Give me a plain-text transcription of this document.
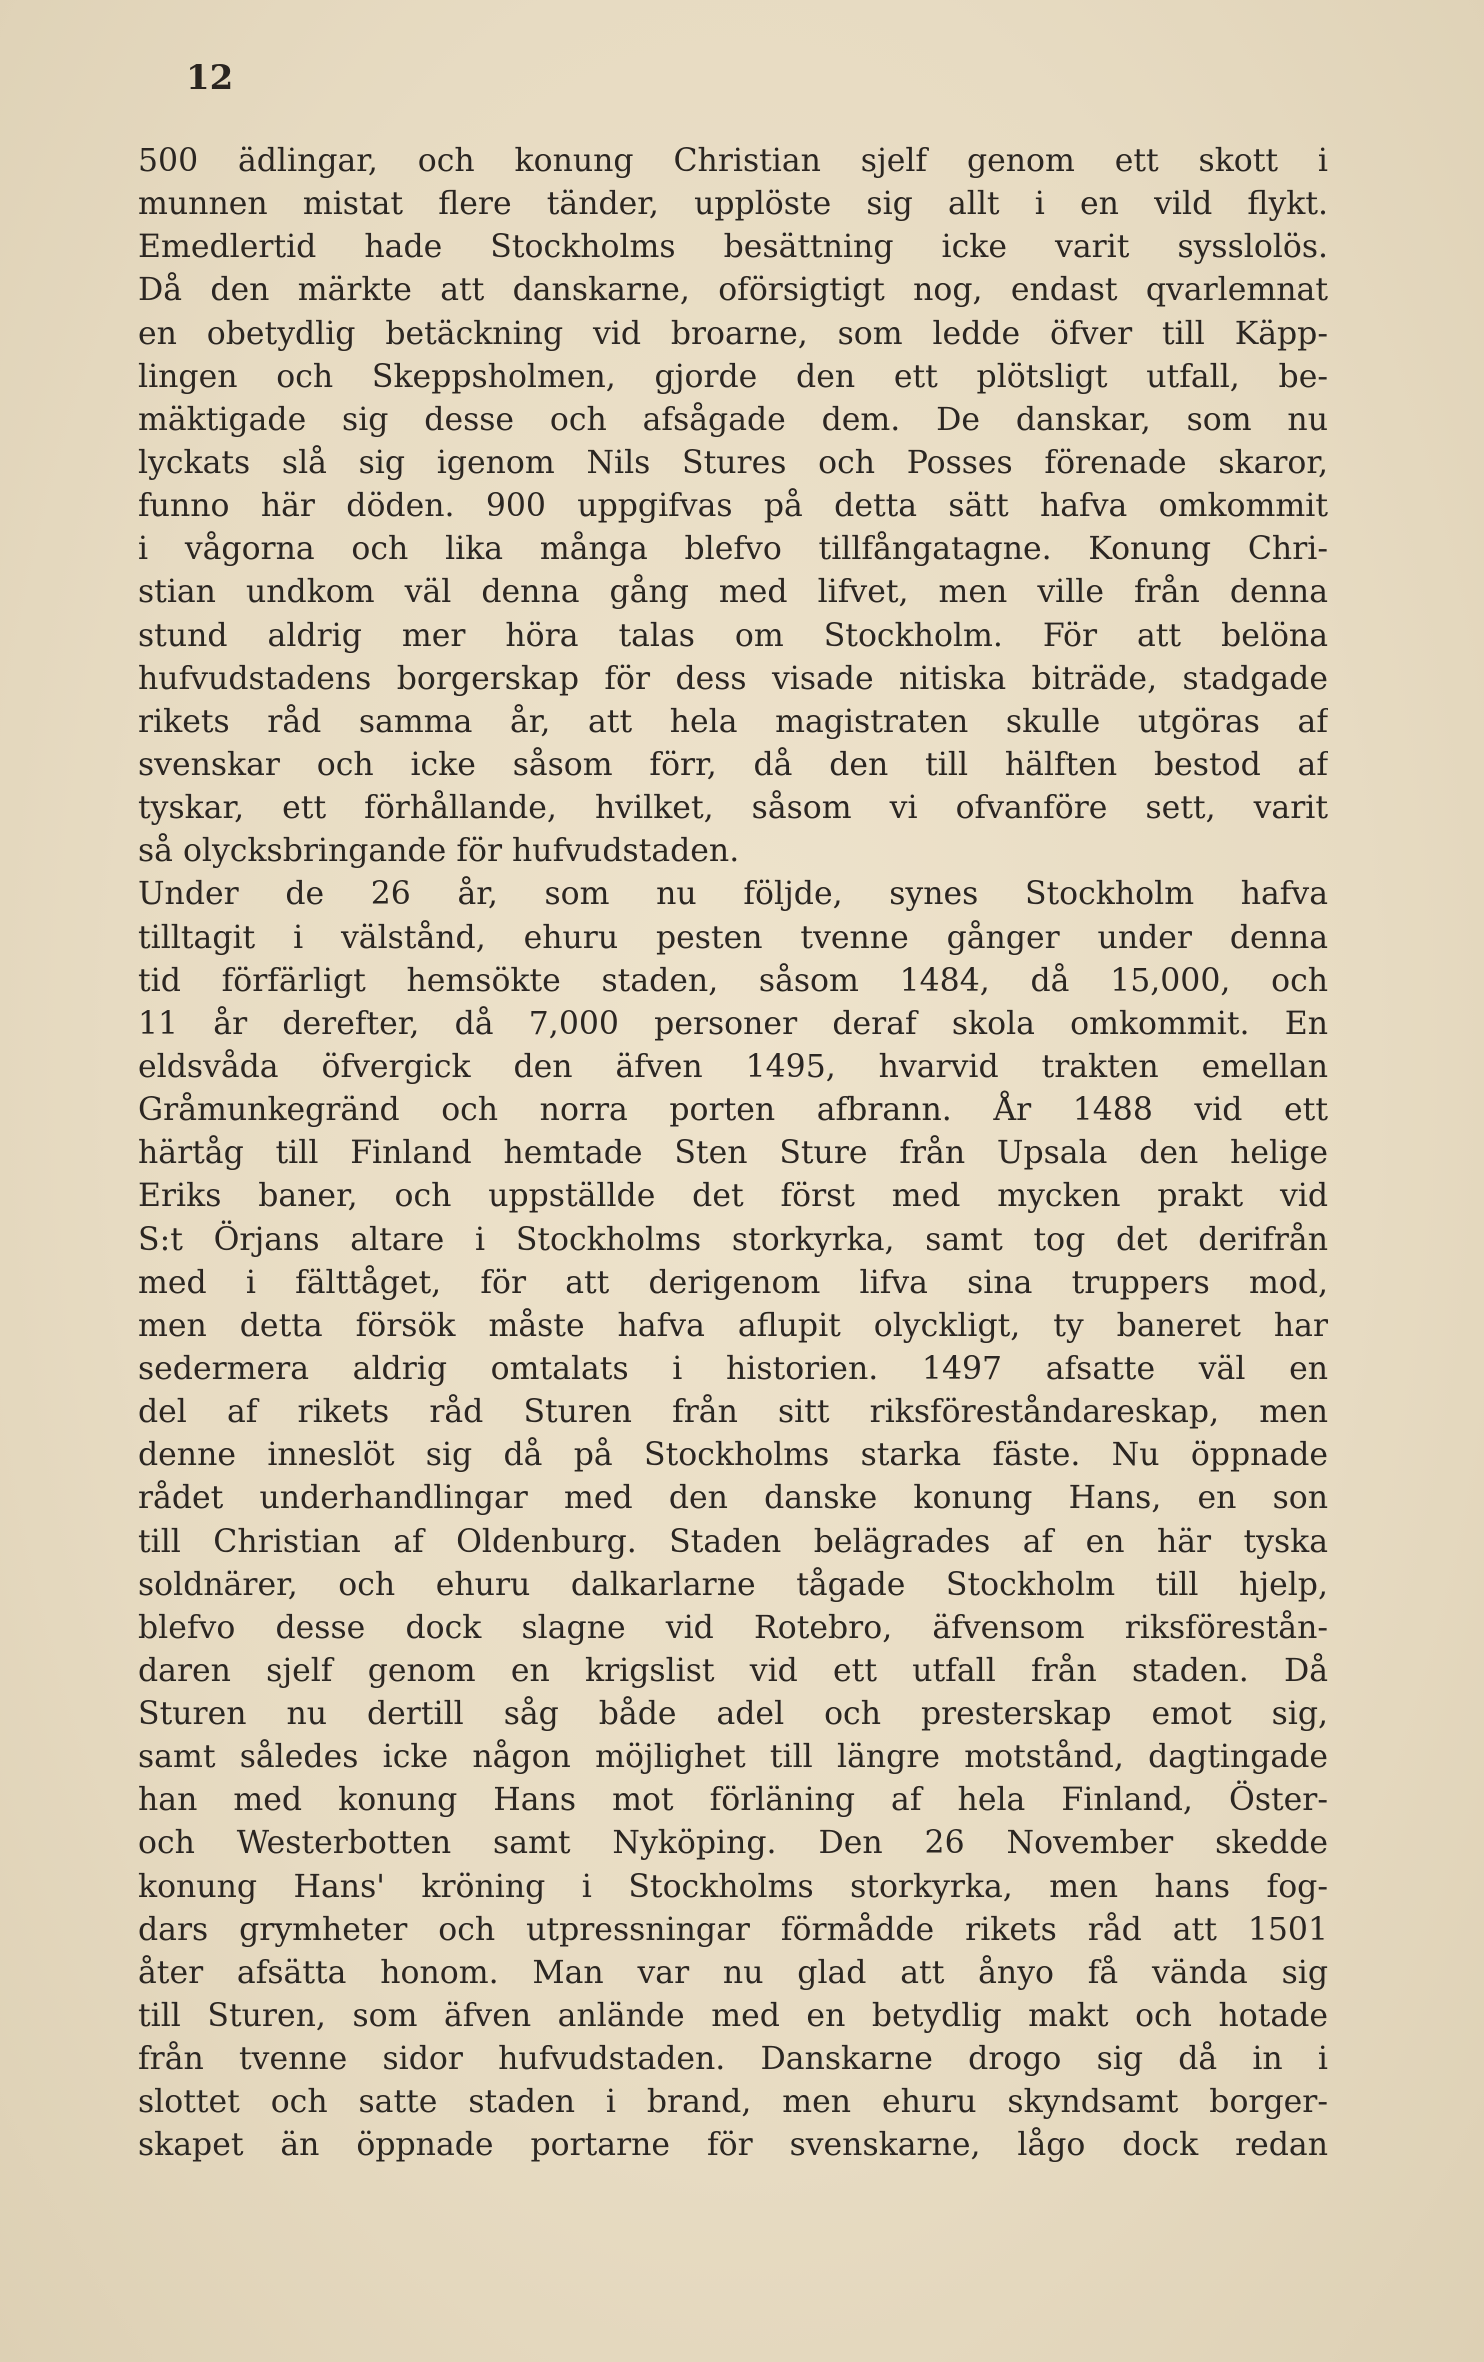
12
500 ädlingar, och konung Christian sjelf genom ett skott i
munnen mistat flere tänder, upplöste sig allt i en vild flykt.
Emedlertid hade Stockholms besättning icke varit sysslolös.
Då den märkte att danskarne, oförsigtigt nog, endast qvarlemnat
en obetydlig betäckning vid broarne, som ledde öfver till Käpp-
lingen och Skeppsholmen, gjorde den ett plötsligt utfall, be-
mäktigade sig desse och afsågade dem. De danskar, som nu
lyckats slå sig igenom Nils Stures och Posses förenade skaror,
funno här döden. 900 uppgifvas på detta sätt hafva omkommit
i vågorna och lika många blefvo tillfångatagne. Konung Chri-
stian undkom väl denna gång med lifvet, men ville från denna
stund aldrig mer höra talas om Stockholm. För att belöna
hufvudstadens borgerskap för dess visade nitiska biträde, stadgade
rikets råd samma år, att hela magistraten skulle utgöras af
svenskar och icke såsom förr, då den till hälften bestod af
tyskar, ett förhållande, hvilket, såsom vi ofvanföre sett, varit
så olycksbringande för hufvudstaden.
Under de 26 år, som nu följde, synes Stockholm hafva
tilltagit i välstånd, ehuru pesten tvenne gånger under denna
tid förfärligt hemsökte staden, såsom 1484, då 15,000, och
11 år derefter, då 7,000 personer deraf skola omkommit. En
eldsvåda öfvergick den äfven 1495, hvarvid trakten emellan
Gråmunkegränd och norra porten afbrann. År 1488 vid ett
härtåg till Finland hemtade Sten Sture från Upsala den helige
Eriks baner, och uppställde det först med mycken prakt vid
S:t Örjans altare i Stockholms storkyrka, samt tog det derifrån
med i fälttåget, för att derigenom lifva sina truppers mod,
men detta försök måste hafva aflupit olyckligt, ty baneret har
sedermera aldrig omtalats i historien. 1497 afsatte väl en
del af rikets råd Sturen från sitt riksföreståndareskap, men
denne inneslöt sig då på Stockholms starka fäste. Nu öppnade
rådet underhandlingar med den danske konung Hans, en son
till Christian af Oldenburg. Staden belägrades af en här tyska
soldnärer, och ehuru dalkarlarne tågade Stockholm till hjelp,
blefvo desse dock slagne vid Rotebro, äfvensom riksförestån-
daren sjelf genom en krigslist vid ett utfall från staden. Då
Sturen nu dertill såg både adel och presterskap emot sig,
samt således icke någon möjlighet till längre motstånd, dagtingade
han med konung Hans mot förläning af hela Finland, Öster-
och Westerbotten samt Nyköping. Den 26 November skedde
konung Hans' kröning i Stockholms storkyrka, men hans fog-
dars grymheter och utpressningar förmådde rikets råd att 1501
åter afsätta honom. Man var nu glad att ånyo få vända sig
till Sturen, som äfven anlände med en betydlig makt och hotade
från tvenne sidor hufvudstaden. Danskarne drogo sig då in i
slottet och satte staden i brand, men ehuru skyndsamt borger-
skapet än öppnade portarne för svenskarne, lågo dock redan
